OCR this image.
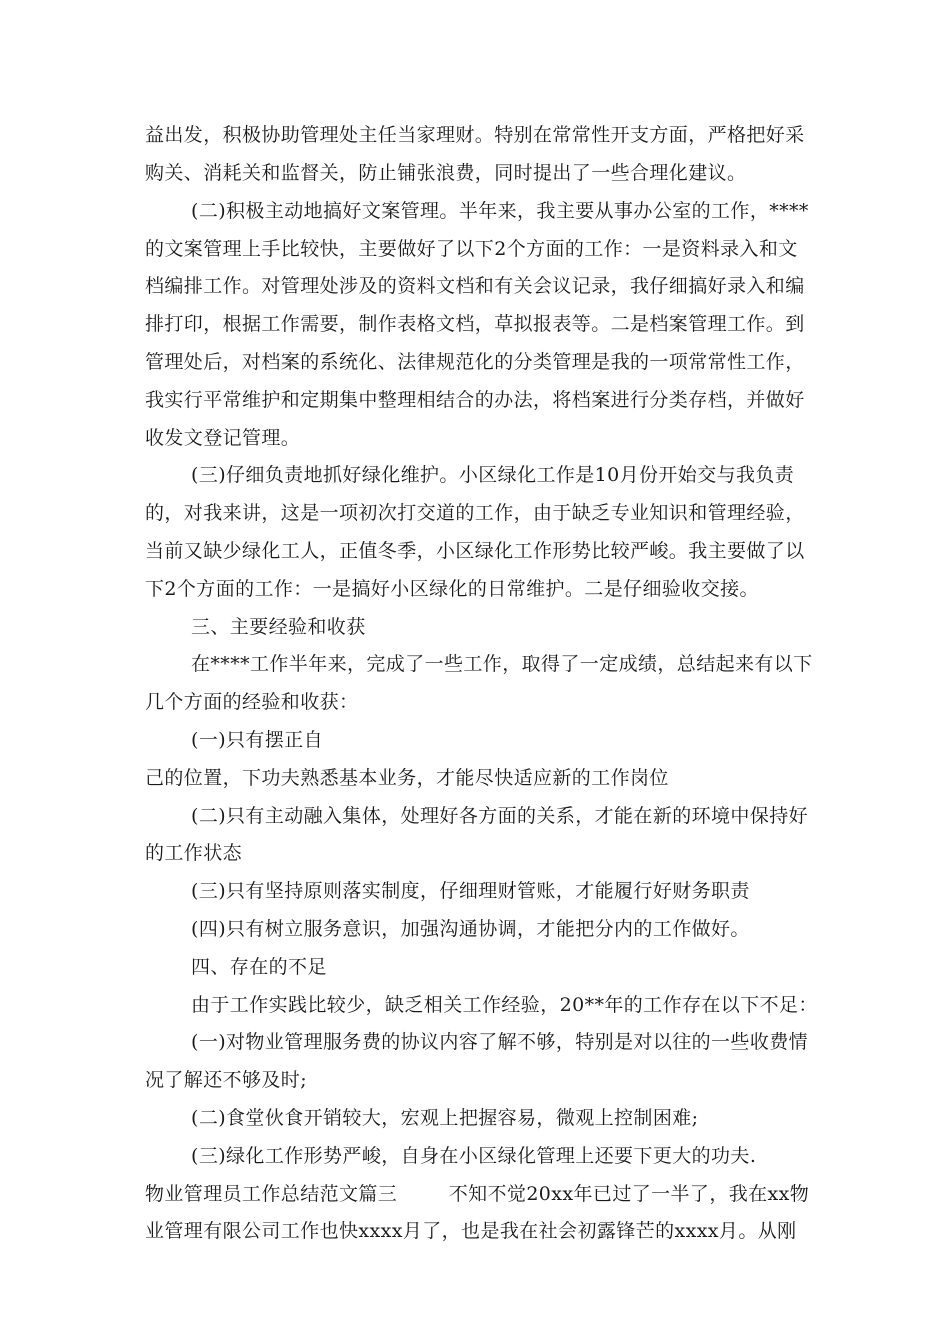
益出发，积极协助管理处主任当家理财。特别在常常性开支方面，严格把好采
购关、消耗关和监督关，防止铺张浪费，同时提出了一些合理化建议。
(二)积极主动地搞好文案管理。半年来，我主要从事办公室的工作，****
的文案管理上手比较快，主要做好了以下2个方面的工作：一是资料录入和文
档编排工作。对管理处涉及的资料文档和有关会议记录，我仔细搞好录入和编
排打印，根据工作需要，制作表格文档，草拟报表等。二是档案管理工作。到
管理处后，对档案的系统化、法律规范化的分类管理是我的一项常常性工作，
我实行平常维护和定期集中整理相结合的办法，将档案进行分类存档，并做好
收发文登记管理。
(三)仔细负责地抓好绿化维护。小区绿化工作是10月份开始交与我负责
的，对我来讲，这是一项初次打交道的工作，由于缺乏专业知识和管理经验，
当前又缺少绿化工人，正值冬季，小区绿化工作形势比较严峻。我主要做了以
下2个方面的工作：一是搞好小区绿化的日常维护。二是仔细验收交接。
三、主要经验和收获
在****工作半年来，完成了一些工作，取得了一定成绩，总结起来有以下
几个方面的经验和收获：
(一)只有摆正自
己的位置，下功夫熟悉基本业务，才能尽快适应新的工作岗位
(二)只有主动融入集体，处理好各方面的关系，才能在新的环境中保持好
的工作状态
(三)只有坚持原则落实制度，仔细理财管账，才能履行好财务职责
(四)只有树立服务意识，加强沟通协调，才能把分内的工作做好。
四、存在的不足
由于工作实践比较少，缺乏相关工作经验，20**年的工作存在以下不足：
(一)对物业管理服务费的协议内容了解不够，特别是对以往的一些收费情
况了解还不够及时;
(二)食堂伙食开销较大，宏观上把握容易，微观上控制困难;
(三)绿化工作形势严峻，自身在小区绿化管理上还要下更大的功夫.
物业管理员工作总结范文篇三        不知不觉20xx年已过了一半了，我在xx物
业管理有限公司工作也快xxxx月了，也是我在社会初露锋芒的xxxx月。从刚
